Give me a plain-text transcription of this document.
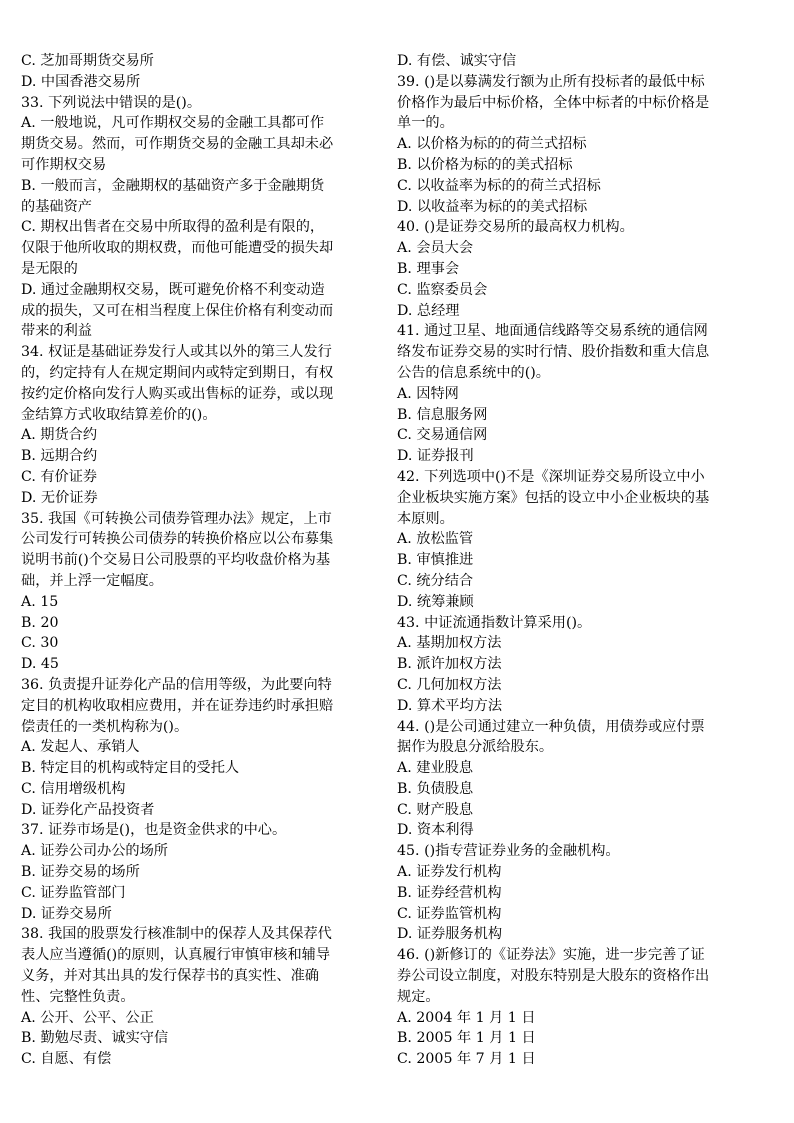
C. 芝加哥期货交易所
D. 中国香港交易所
33. 下列说法中错误的是()。
A. 一般地说，凡可作期权交易的金融工具都可作
期货交易。然而，可作期货交易的金融工具却未必
可作期权交易
B. 一般而言，金融期权的基础资产多于金融期货
的基础资产
C. 期权出售者在交易中所取得的盈利是有限的，
仅限于他所收取的期权费，而他可能遭受的损失却
是无限的
D. 通过金融期权交易，既可避免价格不利变动造
成的损失，又可在相当程度上保住价格有利变动而
带来的利益
34. 权证是基础证券发行人或其以外的第三人发行
的，约定持有人在规定期间内或特定到期日，有权
按约定价格向发行人购买或出售标的证券，或以现
金结算方式收取结算差价的()。
A. 期货合约
B. 远期合约
C. 有价证券
D. 无价证券
35. 我国《可转换公司债券管理办法》规定，上市
公司发行可转换公司债券的转换价格应以公布募集
说明书前()个交易日公司股票的平均收盘价格为基
础，并上浮一定幅度。
A. 15
B. 20
C. 30
D. 45
36. 负责提升证券化产品的信用等级，为此要向特
定目的机构收取相应费用，并在证券违约时承担赔
偿责任的一类机构称为()。
A. 发起人、承销人
B. 特定目的机构或特定目的受托人
C. 信用增级机构
D. 证券化产品投资者
37. 证券市场是()，也是资金供求的中心。
A. 证券公司办公的场所
B. 证券交易的场所
C. 证券监管部门
D. 证券交易所
38. 我国的股票发行核准制中的保荐人及其保荐代
表人应当遵循()的原则，认真履行审慎审核和辅导
义务，并对其出具的发行保荐书的真实性、准确
性、完整性负责。
A. 公开、公平、公正
B. 勤勉尽责、诚实守信
C. 自愿、有偿
D. 有偿、诚实守信
39. ()是以募满发行额为止所有投标者的最低中标
价格作为最后中标价格，全体中标者的中标价格是
单一的。
A. 以价格为标的的荷兰式招标
B. 以价格为标的的美式招标
C. 以收益率为标的的荷兰式招标
D. 以收益率为标的的美式招标
40. ()是证券交易所的最高权力机构。
A. 会员大会
B. 理事会
C. 监察委员会
D. 总经理
41. 通过卫星、地面通信线路等交易系统的通信网
络发布证券交易的实时行情、股价指数和重大信息
公告的信息系统中的()。
A. 因特网
B. 信息服务网
C. 交易通信网
D. 证券报刊
42. 下列选项中()不是《深圳证券交易所设立中小
企业板块实施方案》包括的设立中小企业板块的基
本原则。
A. 放松监管
B. 审慎推进
C. 统分结合
D. 统筹兼顾
43. 中证流通指数计算采用()。
A. 基期加权方法
B. 派许加权方法
C. 几何加权方法
D. 算术平均方法
44. ()是公司通过建立一种负债，用债券或应付票
据作为股息分派给股东。
A. 建业股息
B. 负债股息
C. 财产股息
D. 资本利得
45. ()指专营证券业务的金融机构。
A. 证券发行机构
B. 证券经营机构
C. 证券监管机构
D. 证券服务机构
46. ()新修订的《证券法》实施，进一步完善了证
券公司设立制度，对股东特别是大股东的资格作出
规定。
A. 2004 年 1 月 1 日
B. 2005 年 1 月 1 日
C. 2005 年 7 月 1 日
